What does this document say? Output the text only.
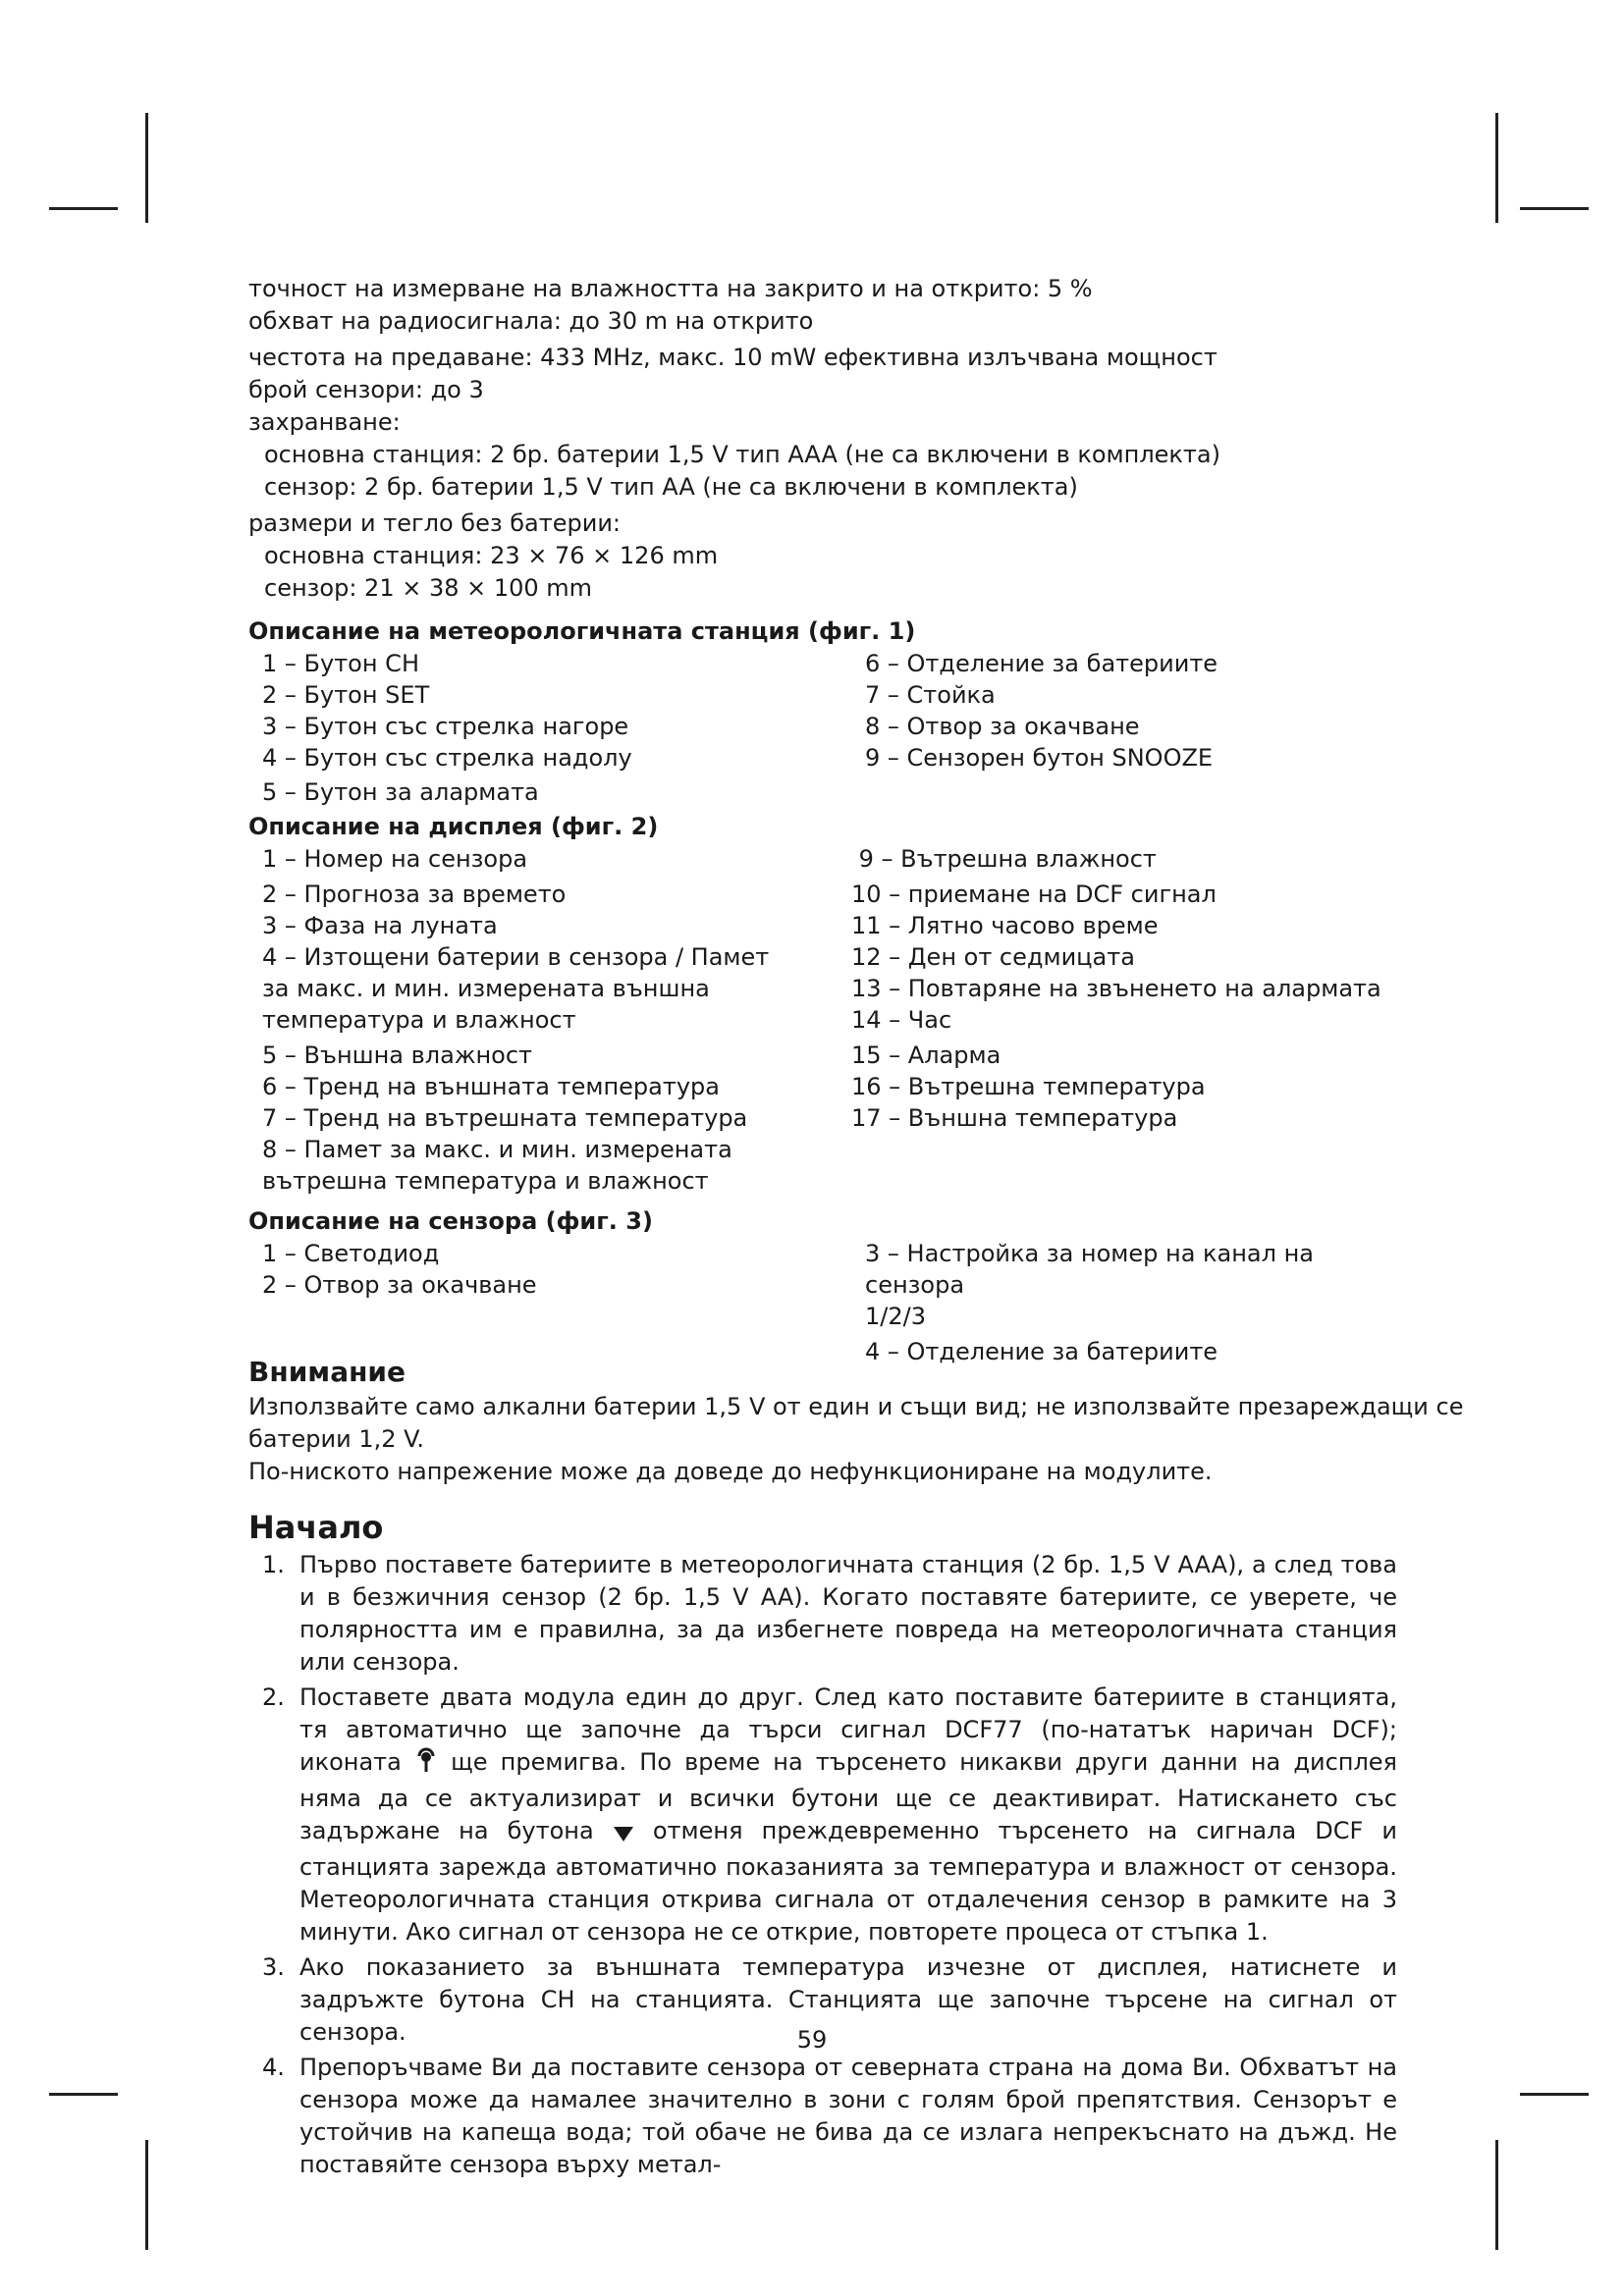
точност на измерване на влажността на закрито и на открито: 5 %
обхват на радиосигнала: до 30 m на открито
честота на предаване: 433 MHz, макс. 10 mW ефективна излъчвана мощност
брой сензори: до 3
захранване:
основна станция: 2 бр. батерии 1,5 V тип AAA (не са включени в комплекта)
сензор: 2 бр. батерии 1,5 V тип AA (не са включени в комплекта)
размери и тегло без батерии:
основна станция: 23 × 76 × 126 mm
сензор: 21 × 38 × 100 mm
Описание на метеорологичната станция (фиг. 1)
1 – Бутон CH
2 – Бутон SET
3 – Бутон със стрелка нагоре
4 – Бутон със стрелка надолу
5 – Бутон за алармата
6 – Отделение за батериите
7 – Стойка
8 – Отвор за окачване
9 – Сензорен бутон SNOOZE
Описание на дисплея (фиг. 2)
1 – Номер на сензора
2 – Прогноза за времето
3 – Фаза на луната
4 – Изтощени батерии в сензора / Памет
за макс. и мин. измерената външна
температура и влажност
5 – Външна влажност
6 – Тренд на външната температура
7 – Тренд на вътрешната температура
8 – Памет за макс. и мин. измерената
вътрешна температура и влажност
9 – Вътрешна влажност
10 – приемане на DCF сигнал
11 – Лятно часово време
12 – Ден от седмицата
13 – Повтаряне на звъненето на алармата
14 – Час
15 – Аларма
16 – Вътрешна температура
17 – Външна температура
Описание на сензора (фиг. 3)
1 – Светодиод
2 – Отвор за окачване
3 – Настройка за номер на канал на сензора
1/2/3
4 – Отделение за батериите
Внимание
Използвайте само алкални батерии 1,5 V от един и същи вид; не използвайте презареждащи се
батерии 1,2 V.
По-ниското напрежение може да доведе до нефункциониране на модулите.
Начало
1. Първо поставете батериите в метеорологичната станция (2 бр. 1,5 V AAA), а след това и в безжичния сензор (2 бр. 1,5 V AA). Когато поставяте батериите, се уверете, че полярността им е правилна, за да избегнете повреда на метеорологичната станция или сензора.
2. Поставете двата модула един до друг. След като поставите батериите в станцията, тя автоматично ще започне да търси сигнал DCF77 (по-нататък наричан DCF); иконата ще премигва. По време на търсенето никакви други данни на дисплея няма да се актуализират и всички бутони ще се деактивират. Натискането със задържане на бутона	отменя преждевременно търсенето на сигнала DCF и станцията зарежда автоматично показанията за температура и влажност от сензора. Метеорологичната станция открива сигнала от отдалечения сензор в рамките на 3 минути. Ако сигнал от сензора не се открие, повторете процеса от стъпка 1.
3. Ако показанието за външната температура изчезне от дисплея, натиснете и задръжте бутона CH на станцията. Станцията ще започне търсене на сигнал от сензора.
4. Препоръчваме Ви да поставите сензора от северната страна на дома Ви. Обхватът на сензора може да намалее значително в зони с голям брой препятствия. Сензорът е устойчив на капеща вода; той обаче не бива да се излага непрекъснато на дъжд. Не поставяйте сензора върху метал-
59
